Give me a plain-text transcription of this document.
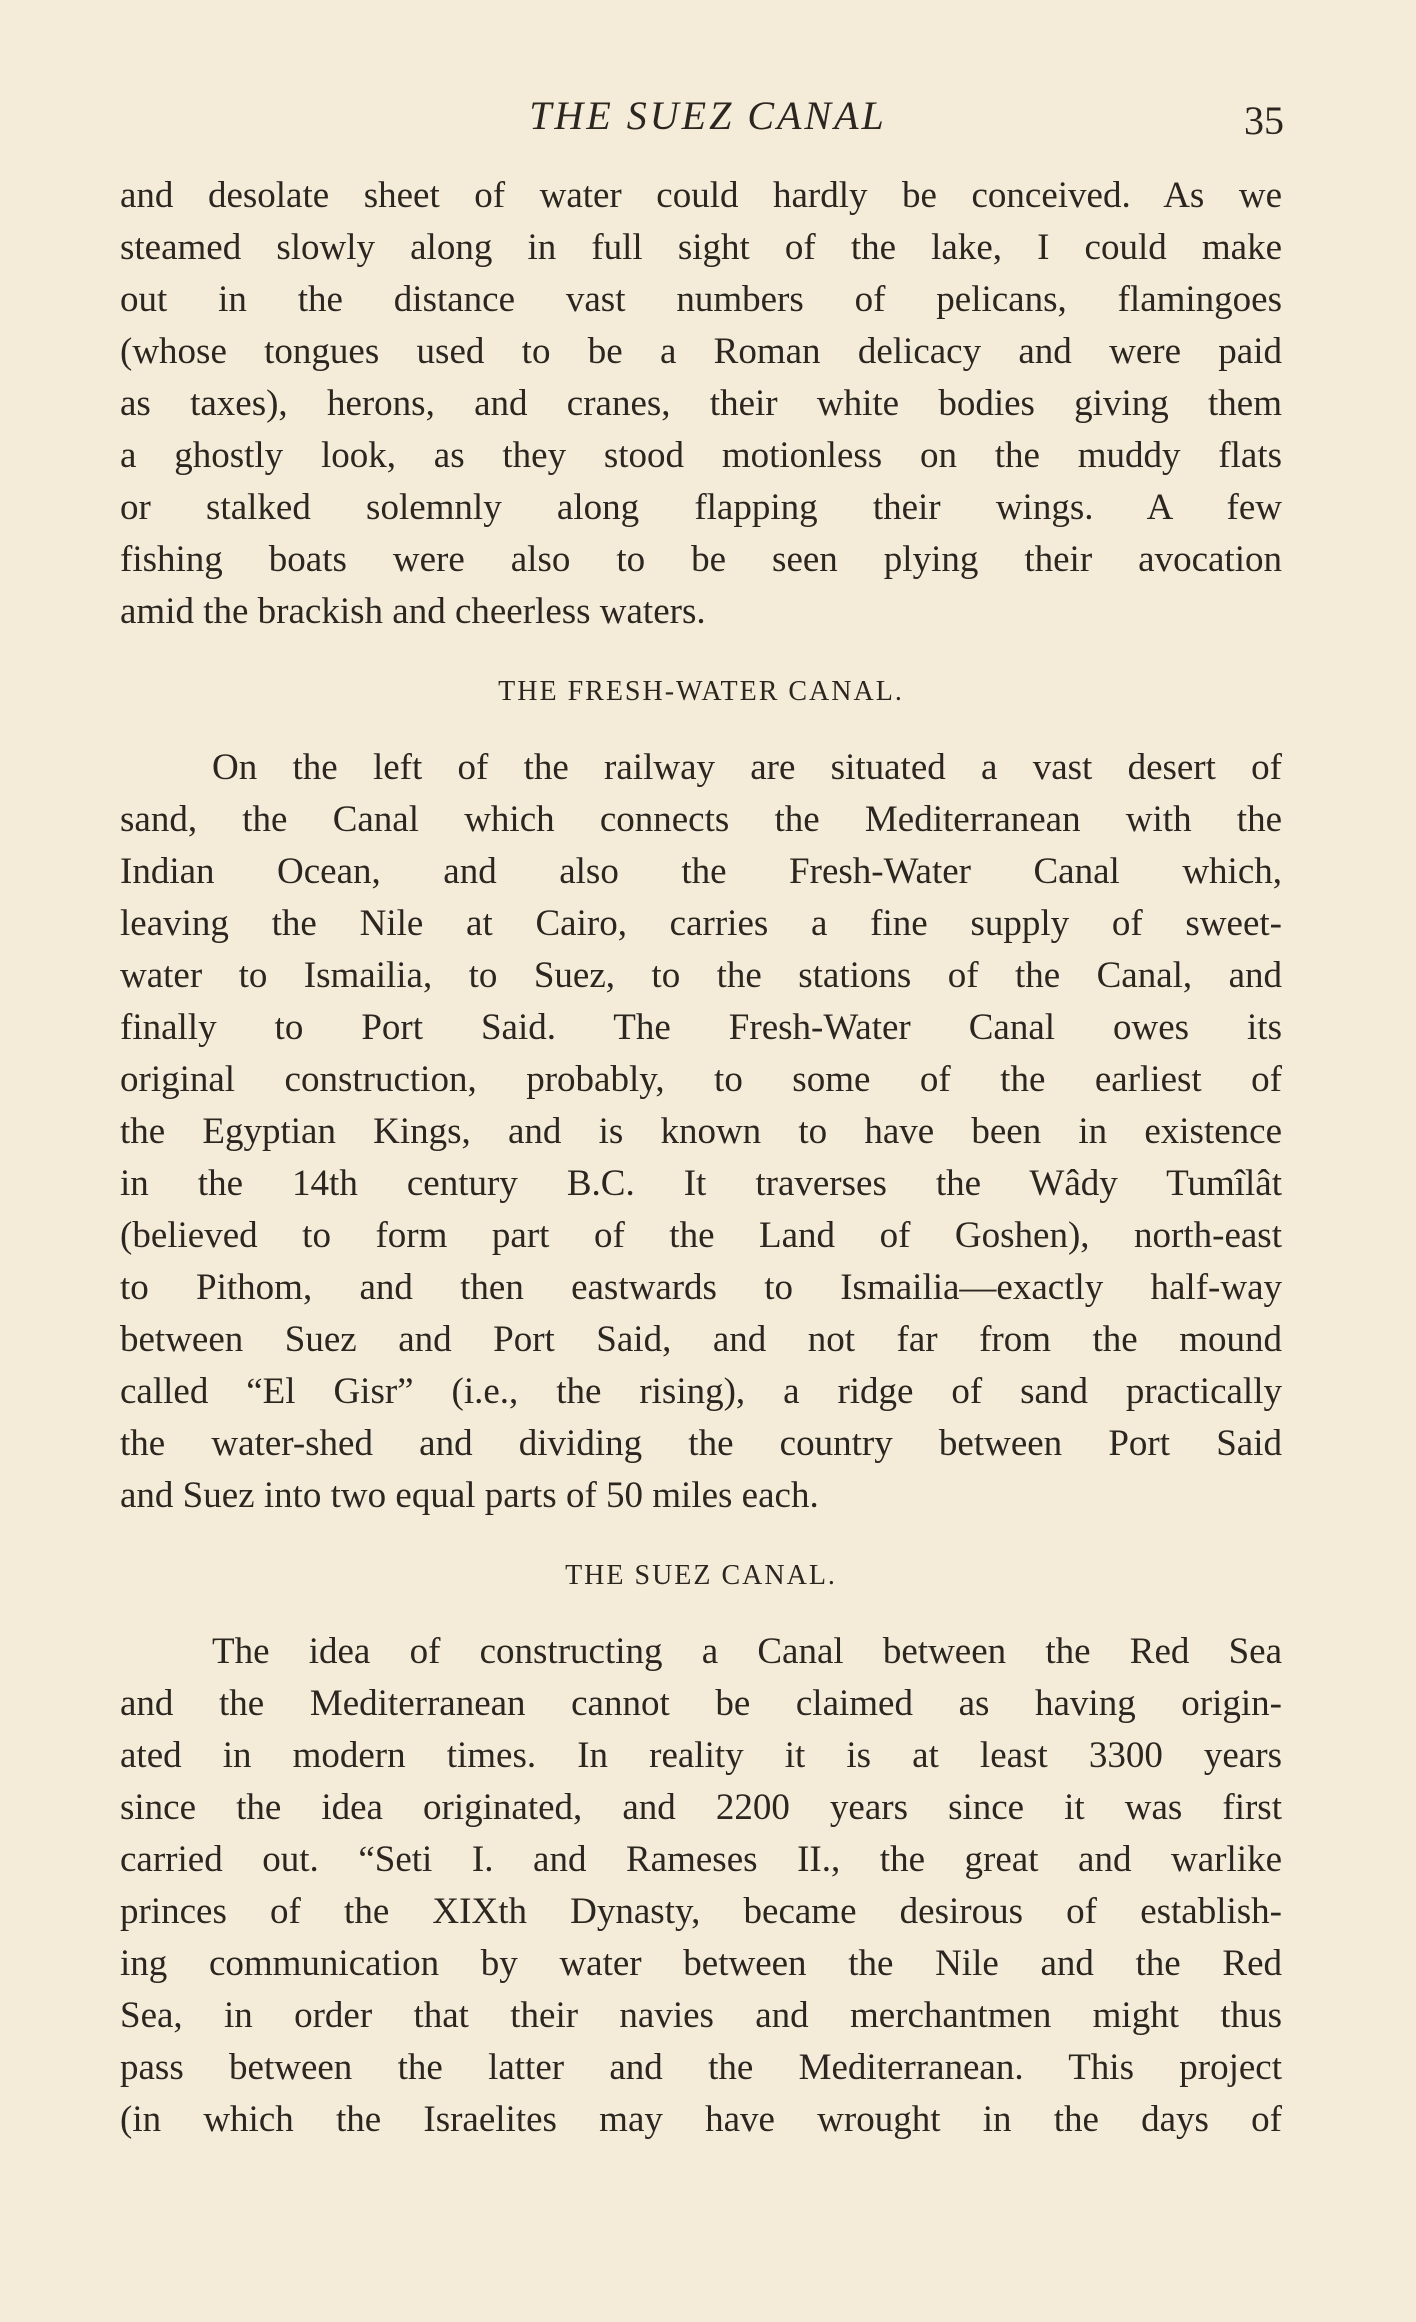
THE SUEZ CANAL	35
and desolate sheet of water could hardly be conceived. As we
steamed slowly along in full sight of the lake, I could make
out in the distance vast numbers of pelicans, flamingoes
(whose tongues used to be a Roman delicacy and were paid
as taxes), herons, and cranes, their white bodies giving them
a ghostly look, as they stood motionless on the muddy flats
or stalked solemnly along flapping their wings. A few
fishing boats were also to be seen plying their avocation
amid the brackish and cheerless waters.
THE FRESH-WATER CANAL.
On the left of the railway are situated a vast desert of
sand, the Canal which connects the Mediterranean with the
Indian Ocean, and also the Fresh-Water Canal which,
leaving the Nile at Cairo, carries a fine supply of sweet-
water to Ismailia, to Suez, to the stations of the Canal, and
finally to Port Said. The Fresh-Water Canal owes its
original construction, probably, to some of the earliest of
the Egyptian Kings, and is known to have been in existence
in the 14th century B.C. It traverses the Wâdy Tumîlât
(believed to form part of the Land of Goshen), north-east
to Pithom, and then eastwards to Ismailia—exactly half-way
between Suez and Port Said, and not far from the mound
called “El Gisr” (i.e., the rising), a ridge of sand practically
the water-shed and dividing the country between Port Said
and Suez into two equal parts of 50 miles each.
THE SUEZ CANAL.
The idea of constructing a Canal between the Red Sea
and the Mediterranean cannot be claimed as having origin-
ated in modern times. In reality it is at least 3300 years
since the idea originated, and 2200 years since it was first
carried out. “Seti I. and Rameses II., the great and warlike
princes of the XIXth Dynasty, became desirous of establish-
ing communication by water between the Nile and the Red
Sea, in order that their navies and merchantmen might thus
pass between the latter and the Mediterranean. This project
(in which the Israelites may have wrought in the days of
